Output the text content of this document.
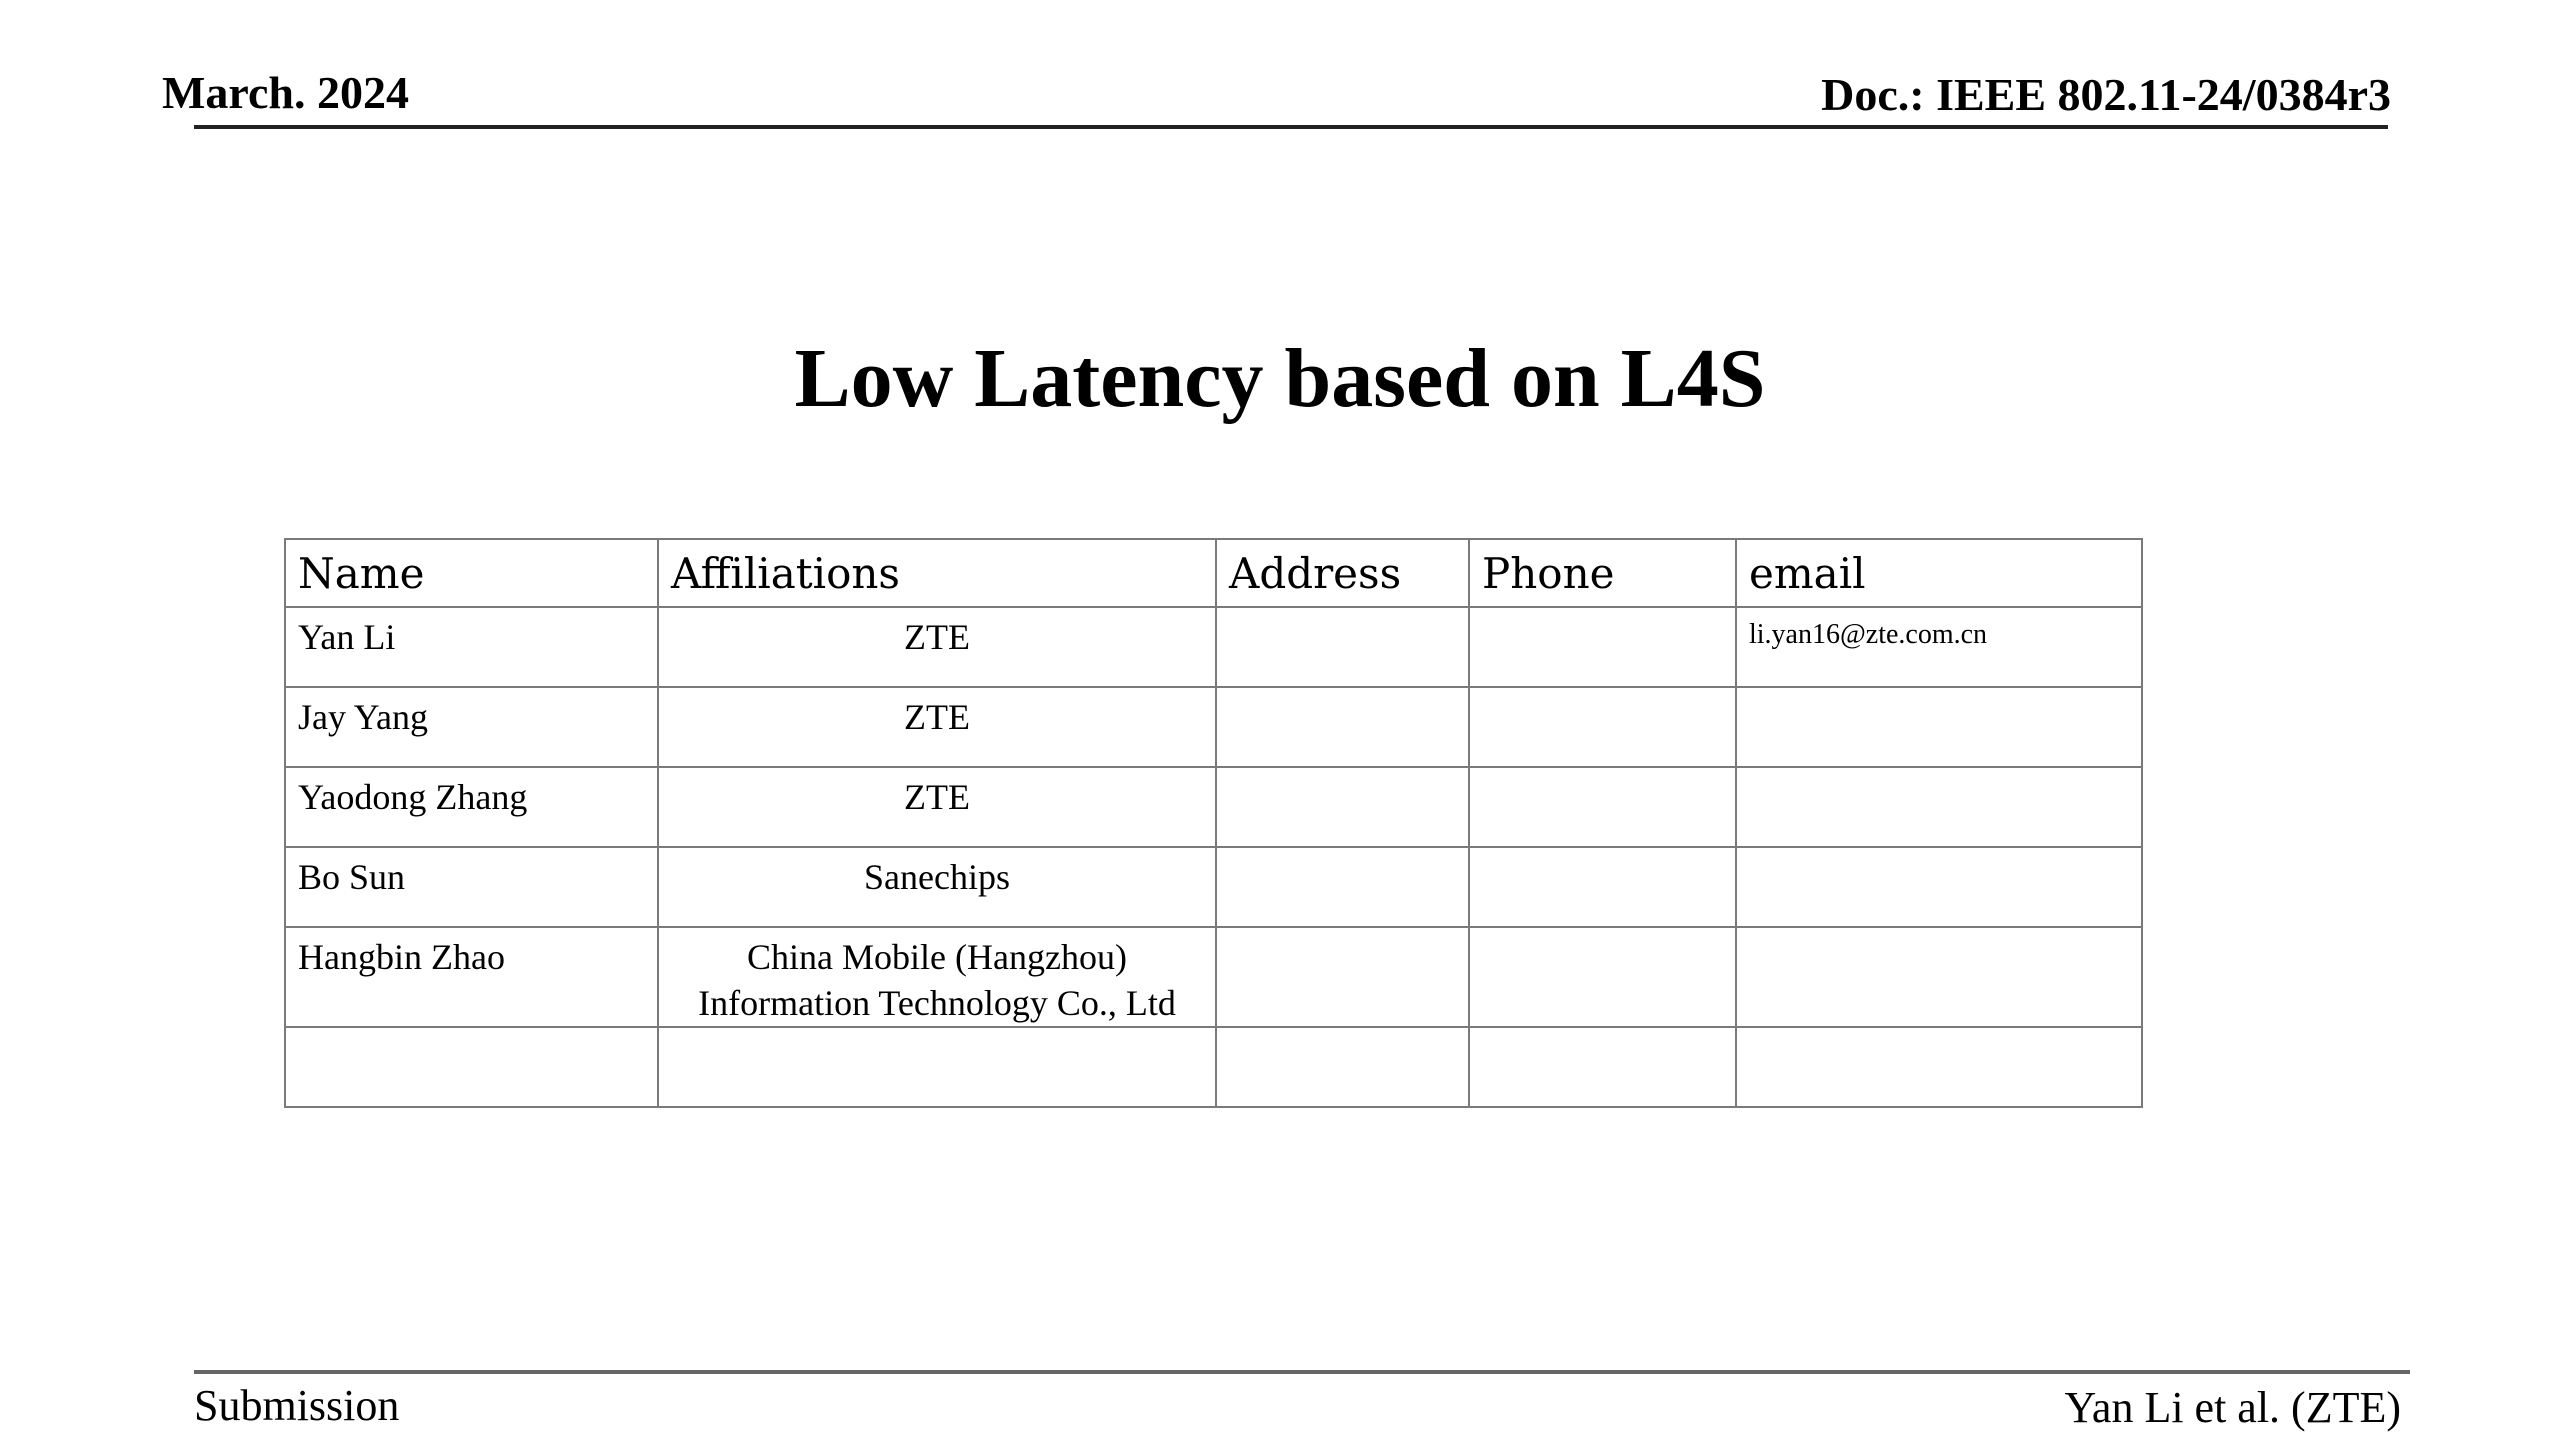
March. 2024	Doc.: IEEE 802.11-24/0384r3
Low Latency based on L4S
Name	Affiliations	Address	Phone	email
Yan Li	ZTE			li.yan16@zte.com.cn
Jay Yang	ZTE			
Yaodong Zhang	ZTE			
Bo Sun	Sanechips			
Hangbin Zhao	China Mobile (Hangzhou)
Information Technology Co., Ltd			

Submission	Yan Li et al. (ZTE)
